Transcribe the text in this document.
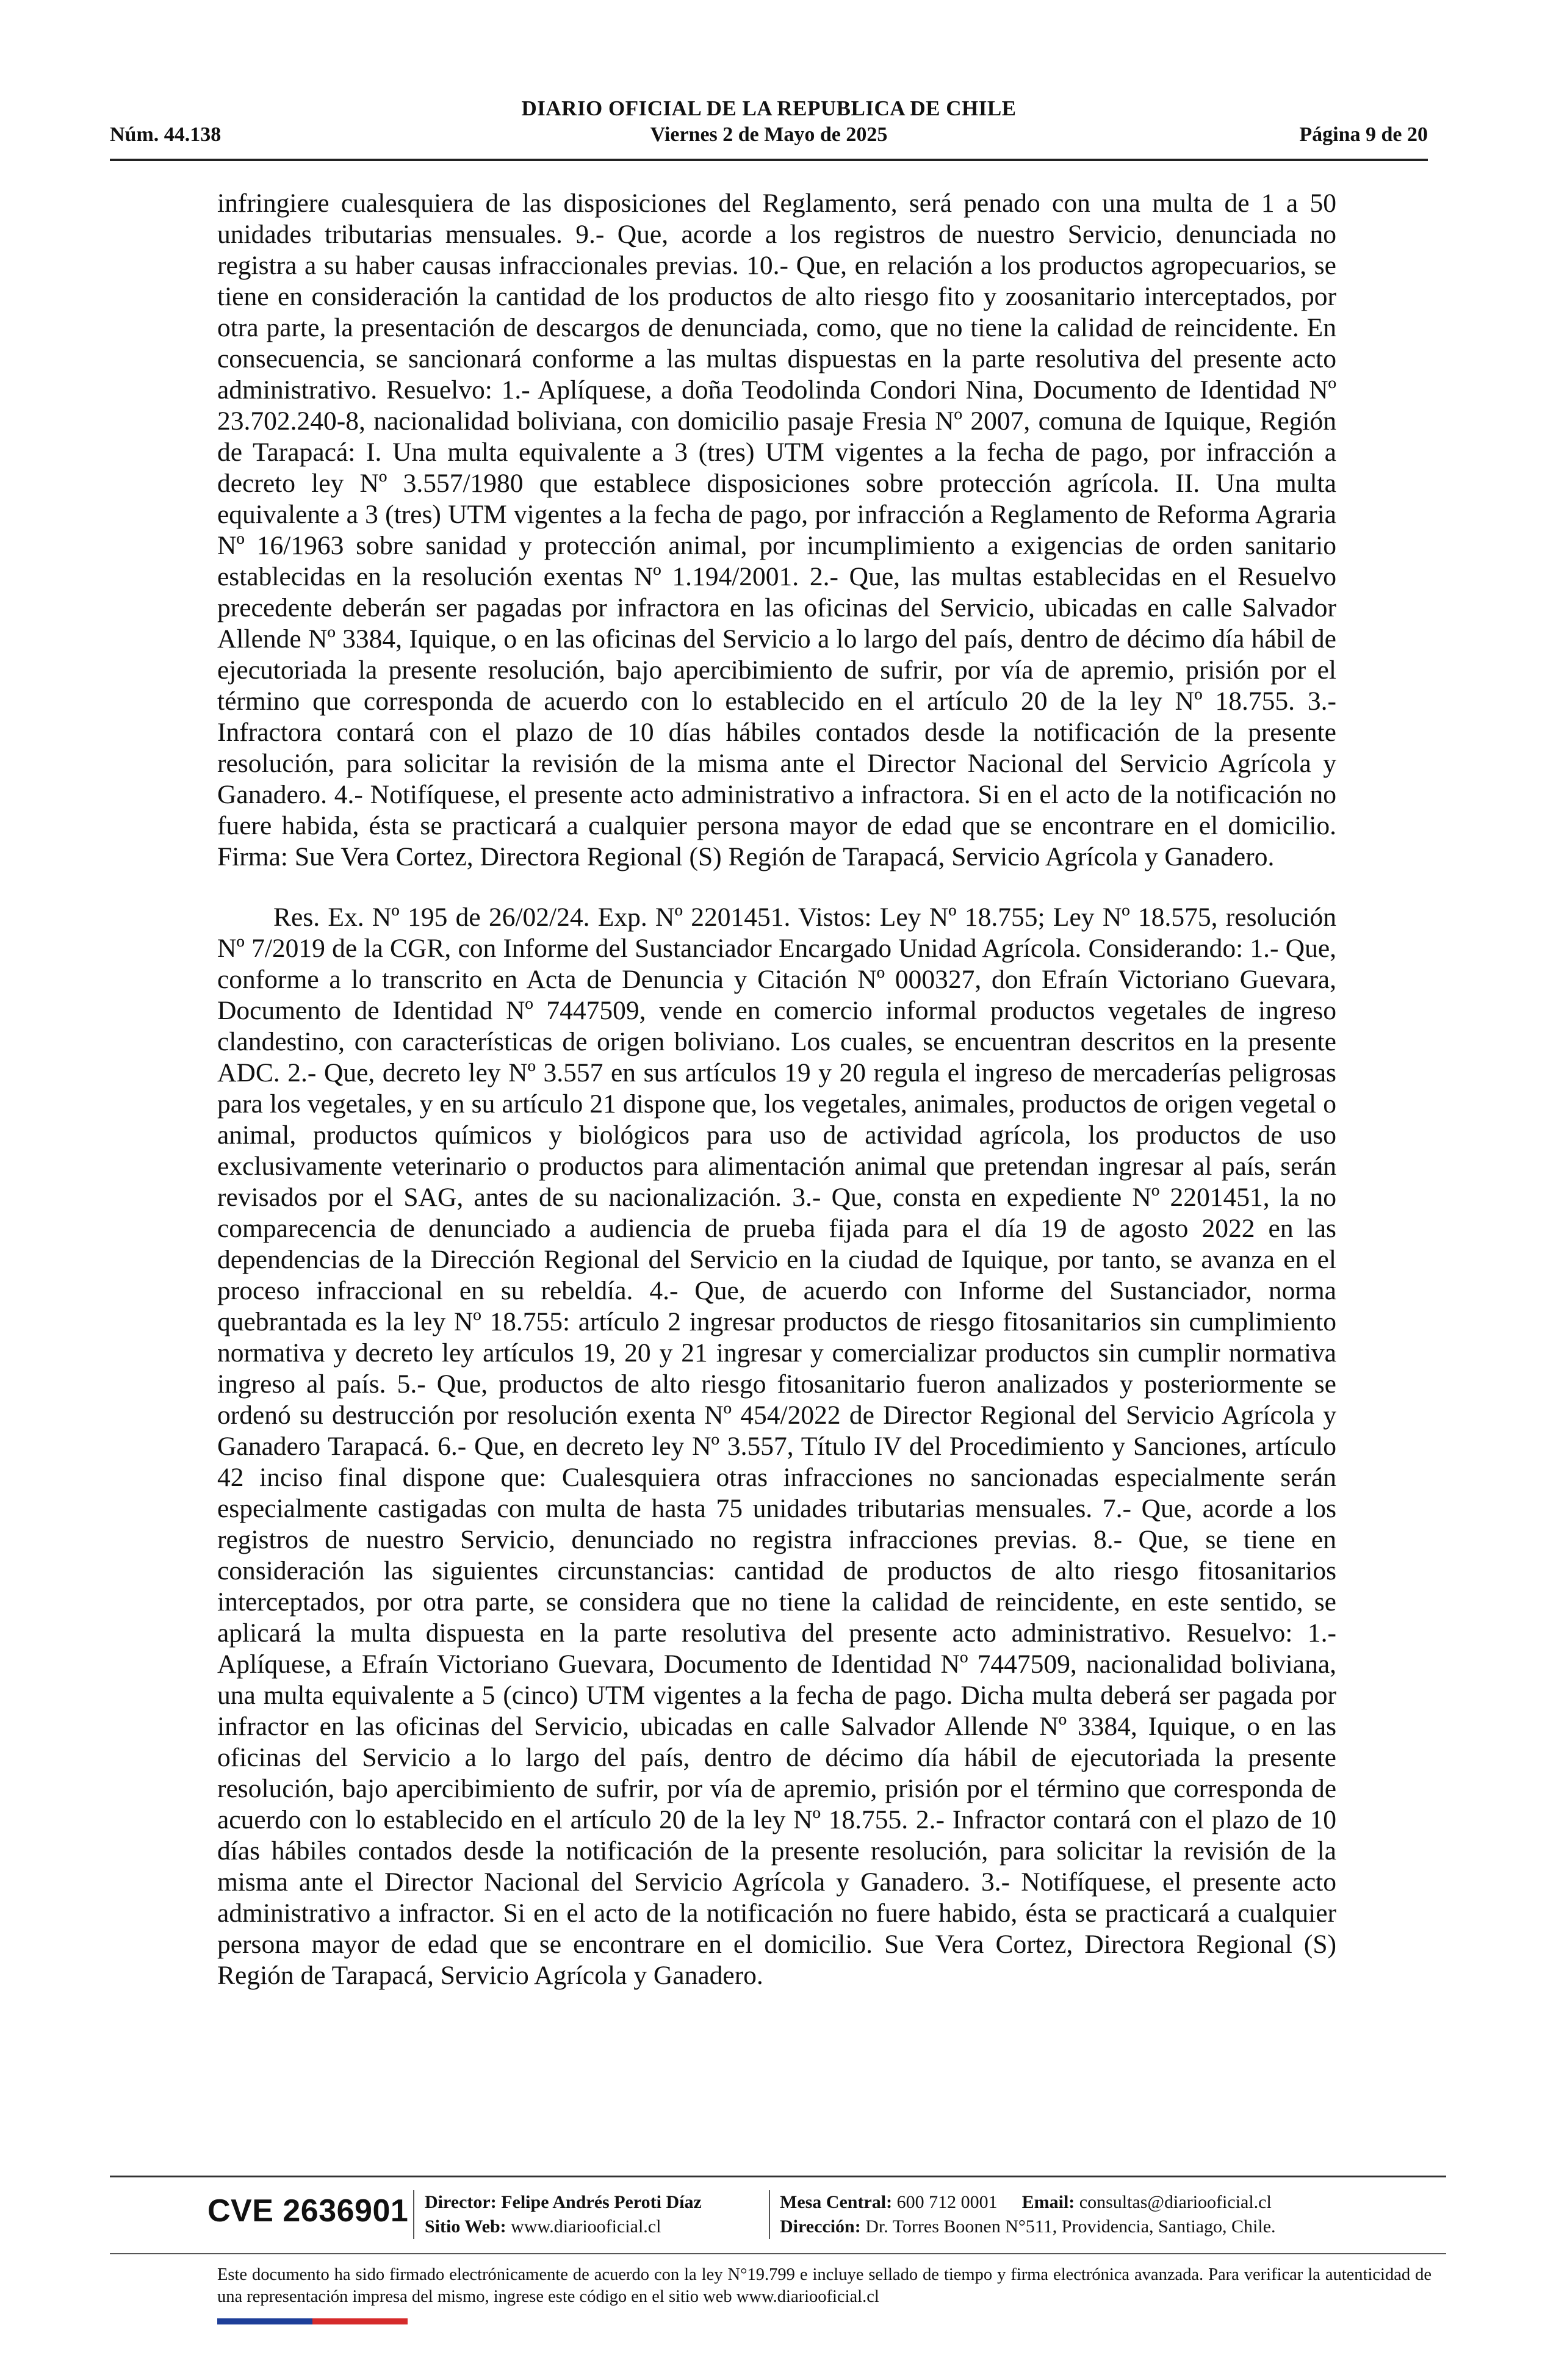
DIARIO OFICIAL DE LA REPUBLICA DE CHILE
Núm. 44.138	Viernes 2 de Mayo de 2025	Página 9 de 20

infringiere cualesquiera de las disposiciones del Reglamento, será penado con una multa de 1 a 50 unidades tributarias mensuales. 9.- Que, acorde a los registros de nuestro Servicio, denunciada no registra a su haber causas infraccionales previas. 10.- Que, en relación a los productos agropecuarios, se tiene en consideración la cantidad de los productos de alto riesgo fito y zoosanitario interceptados, por otra parte, la presentación de descargos de denunciada, como, que no tiene la calidad de reincidente. En consecuencia, se sancionará conforme a las multas dispuestas en la parte resolutiva del presente acto administrativo. Resuelvo: 1.- Aplíquese, a doña Teodolinda Condori Nina, Documento de Identidad Nº 23.702.240-8, nacionalidad boliviana, con domicilio pasaje Fresia Nº 2007, comuna de Iquique, Región de Tarapacá: I. Una multa equivalente a 3 (tres) UTM vigentes a la fecha de pago, por infracción a decreto ley Nº 3.557/1980 que establece disposiciones sobre protección agrícola. II. Una multa equivalente a 3 (tres) UTM vigentes a la fecha de pago, por infracción a Reglamento de Reforma Agraria Nº 16/1963 sobre sanidad y protección animal, por incumplimiento a exigencias de orden sanitario establecidas en la resolución exentas Nº 1.194/2001. 2.- Que, las multas establecidas en el Resuelvo precedente deberán ser pagadas por infractora en las oficinas del Servicio, ubicadas en calle Salvador Allende Nº 3384, Iquique, o en las oficinas del Servicio a lo largo del país, dentro de décimo día hábil de ejecutoriada la presente resolución, bajo apercibimiento de sufrir, por vía de apremio, prisión por el término que corresponda de acuerdo con lo establecido en el artículo 20 de la ley Nº 18.755. 3.- Infractora contará con el plazo de 10 días hábiles contados desde la notificación de la presente resolución, para solicitar la revisión de la misma ante el Director Nacional del Servicio Agrícola y Ganadero. 4.- Notifíquese, el presente acto administrativo a infractora. Si en el acto de la notificación no fuere habida, ésta se practicará a cualquier persona mayor de edad que se encontrare en el domicilio. Firma: Sue Vera Cortez, Directora Regional (S) Región de Tarapacá, Servicio Agrícola y Ganadero.

Res. Ex. Nº 195 de 26/02/24. Exp. Nº 2201451. Vistos: Ley Nº 18.755; Ley Nº 18.575, resolución Nº 7/2019 de la CGR, con Informe del Sustanciador Encargado Unidad Agrícola. Considerando: 1.- Que, conforme a lo transcrito en Acta de Denuncia y Citación Nº 000327, don Efraín Victoriano Guevara, Documento de Identidad Nº 7447509, vende en comercio informal productos vegetales de ingreso clandestino, con características de origen boliviano. Los cuales, se encuentran descritos en la presente ADC. 2.- Que, decreto ley Nº 3.557 en sus artículos 19 y 20 regula el ingreso de mercaderías peligrosas para los vegetales, y en su artículo 21 dispone que, los vegetales, animales, productos de origen vegetal o animal, productos químicos y biológicos para uso de actividad agrícola, los productos de uso exclusivamente veterinario o productos para alimentación animal que pretendan ingresar al país, serán revisados por el SAG, antes de su nacionalización. 3.- Que, consta en expediente Nº 2201451, la no comparecencia de denunciado a audiencia de prueba fijada para el día 19 de agosto 2022 en las dependencias de la Dirección Regional del Servicio en la ciudad de Iquique, por tanto, se avanza en el proceso infraccional en su rebeldía. 4.- Que, de acuerdo con Informe del Sustanciador, norma quebrantada es la ley Nº 18.755: artículo 2 ingresar productos de riesgo fitosanitarios sin cumplimiento normativa y decreto ley artículos 19, 20 y 21 ingresar y comercializar productos sin cumplir normativa ingreso al país. 5.- Que, productos de alto riesgo fitosanitario fueron analizados y posteriormente se ordenó su destrucción por resolución exenta Nº 454/2022 de Director Regional del Servicio Agrícola y Ganadero Tarapacá. 6.- Que, en decreto ley Nº 3.557, Título IV del Procedimiento y Sanciones, artículo 42 inciso final dispone que: Cualesquiera otras infracciones no sancionadas especialmente serán especialmente castigadas con multa de hasta 75 unidades tributarias mensuales. 7.- Que, acorde a los registros de nuestro Servicio, denunciado no registra infracciones previas. 8.- Que, se tiene en consideración las siguientes circunstancias: cantidad de productos de alto riesgo fitosanitarios interceptados, por otra parte, se considera que no tiene la calidad de reincidente, en este sentido, se aplicará la multa dispuesta en la parte resolutiva del presente acto administrativo. Resuelvo: 1.- Aplíquese, a Efraín Victoriano Guevara, Documento de Identidad Nº 7447509, nacionalidad boliviana, una multa equivalente a 5 (cinco) UTM vigentes a la fecha de pago. Dicha multa deberá ser pagada por infractor en las oficinas del Servicio, ubicadas en calle Salvador Allende Nº 3384, Iquique, o en las oficinas del Servicio a lo largo del país, dentro de décimo día hábil de ejecutoriada la presente resolución, bajo apercibimiento de sufrir, por vía de apremio, prisión por el término que corresponda de acuerdo con lo establecido en el artículo 20 de la ley Nº 18.755. 2.- Infractor contará con el plazo de 10 días hábiles contados desde la notificación de la presente resolución, para solicitar la revisión de la misma ante el Director Nacional del Servicio Agrícola y Ganadero. 3.- Notifíquese, el presente acto administrativo a infractor. Si en el acto de la notificación no fuere habido, ésta se practicará a cualquier persona mayor de edad que se encontrare en el domicilio. Sue Vera Cortez, Directora Regional (S) Región de Tarapacá, Servicio Agrícola y Ganadero.

CVE 2636901 Director: Felipe Andrés Peroti Díaz
Sitio Web: www.diariooficial.cl
Mesa Central: 600 712 0001 Email: consultas@diariooficial.cl
Dirección: Dr. Torres Boonen N°511, Providencia, Santiago, Chile.
Este documento ha sido firmado electrónicamente de acuerdo con la ley N°19.799 e incluye sellado de tiempo y firma electrónica avanzada. Para verificar la autenticidad de una representación impresa del mismo, ingrese este código en el sitio web www.diariooficial.cl
